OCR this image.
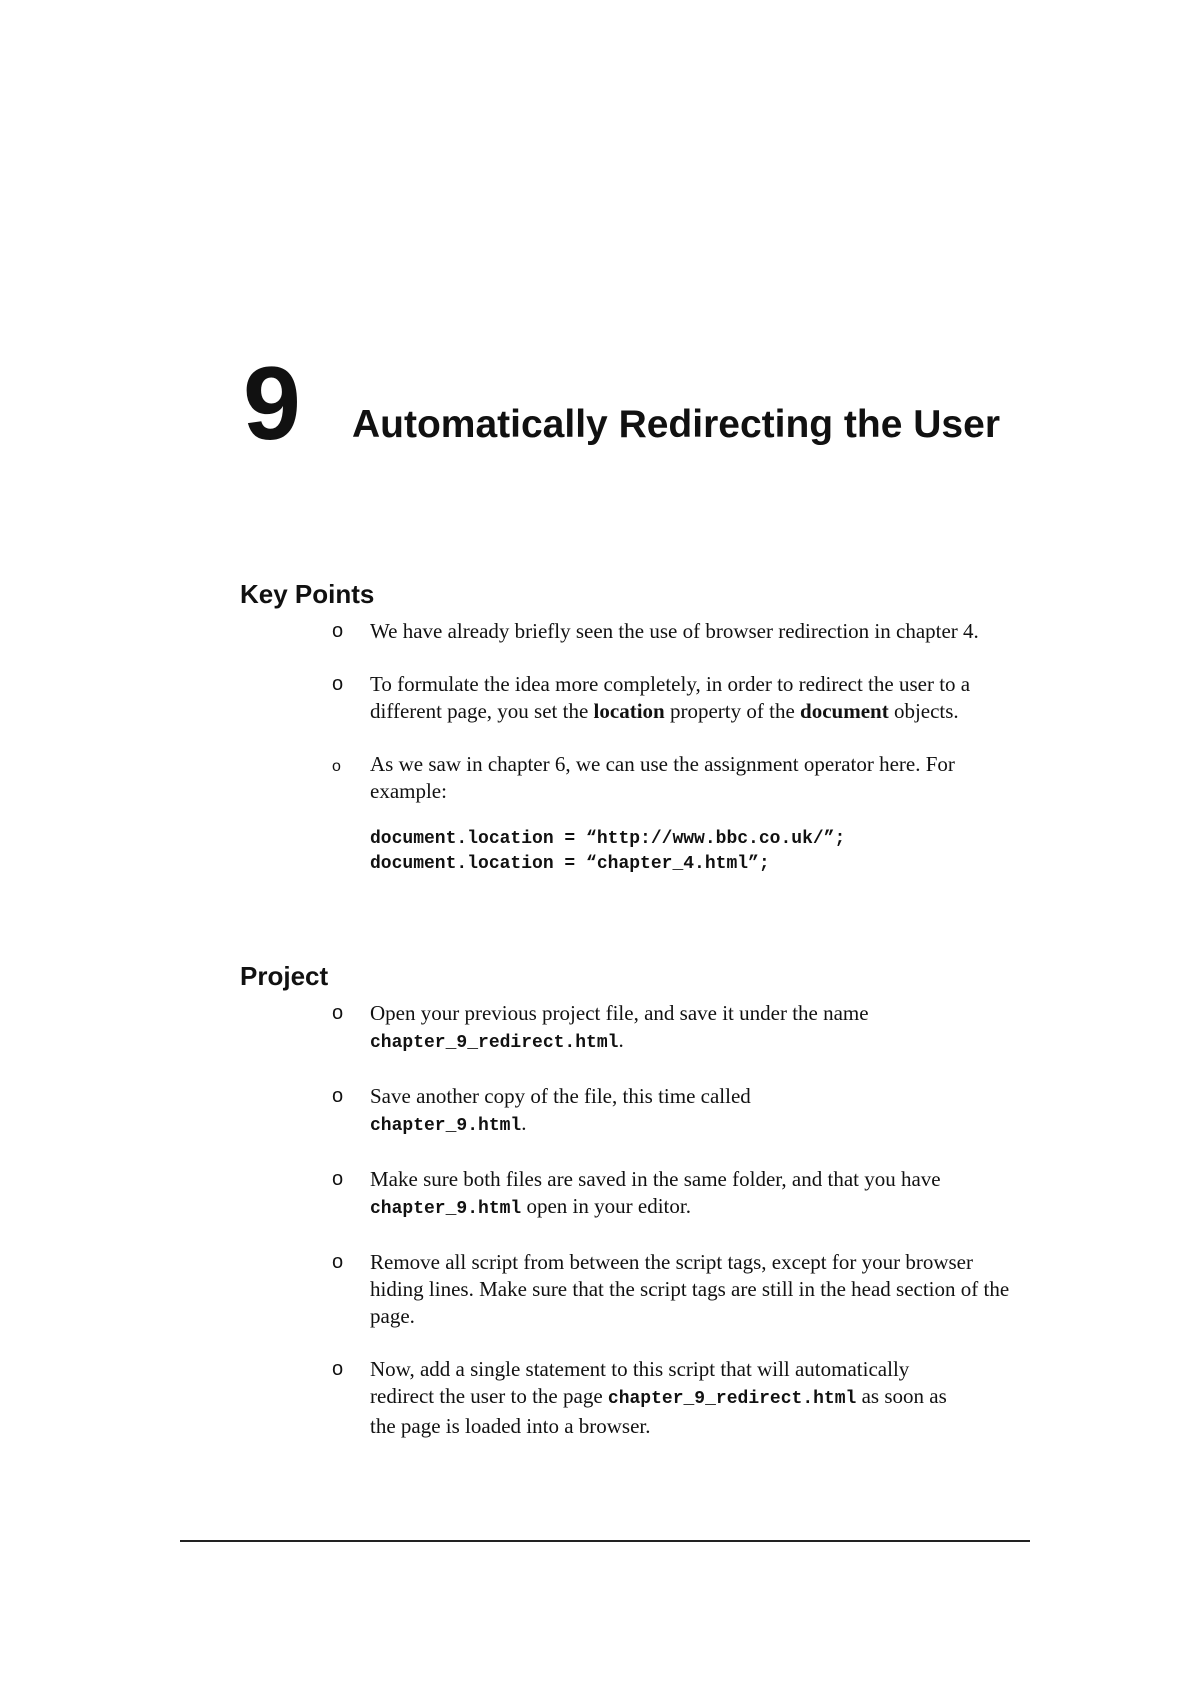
9 Automatically Redirecting the User
Key Points
o We have already briefly seen the use of browser redirection in chapter 4.
o To formulate the idea more completely, in order to redirect the user to a different page, you set the location property of the document objects.
o As we saw in chapter 6, we can use the assignment operator here. For example:
document.location = “http://www.bbc.co.uk/”;
document.location = “chapter_4.html”;
Project
o Open your previous project file, and save it under the name chapter_9_redirect.html.
o Save another copy of the file, this time called chapter_9.html.
o Make sure both files are saved in the same folder, and that you have chapter_9.html open in your editor.
o Remove all script from between the script tags, except for your browser hiding lines. Make sure that the script tags are still in the head section of the page.
o Now, add a single statement to this script that will automatically redirect the user to the page chapter_9_redirect.html as soon as the page is loaded into a browser.
